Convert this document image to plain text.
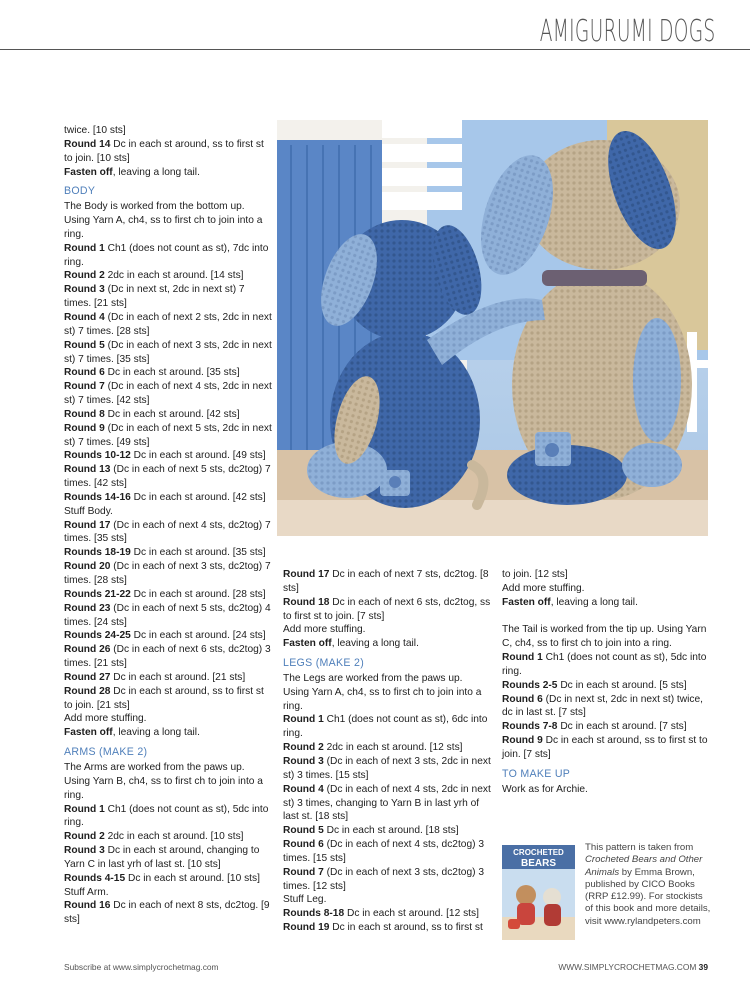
AMIGURUMI DOGS

twice. [10 sts]

Round 14 Dc in each st around, ss to first st to join. [10 sts]

Fasten off, leaving a long tail.

BODY

The Body is worked from the bottom up. Using Yarn A, ch4, ss to first ch to join into a ring.

Round 1 Ch1 (does not count as st), 7dc into ring.

Round 2 2dc in each st around. [14 sts]

Round 3 (Dc in next st, 2dc in next st) 7 times. [21 sts]

Round 4 (Dc in each of next 2 sts, 2dc in next st) 7 times. [28 sts]

Round 5 (Dc in each of next 3 sts, 2dc in next st) 7 times. [35 sts]

Round 6 Dc in each st around. [35 sts]

Round 7 (Dc in each of next 4 sts, 2dc in next st) 7 times. [42 sts]

Round 8 Dc in each st around. [42 sts]

Round 9 (Dc in each of next 5 sts, 2dc in next st) 7 times. [49 sts]

Rounds 10-12 Dc in each st around. [49 sts]

Round 13 (Dc in each of next 5 sts, dc2tog) 7 times. [42 sts]

Rounds 14-16 Dc in each st around. [42 sts]

Stuff Body.

Round 17 (Dc in each of next 4 sts, dc2tog) 7 times. [35 sts]

Rounds 18-19 Dc in each st around. [35 sts]

Round 20 (Dc in each of next 3 sts, dc2tog) 7 times. [28 sts]

Rounds 21-22 Dc in each st around. [28 sts]

Round 23 (Dc in each of next 5 sts, dc2tog) 4 times. [24 sts]

Rounds 24-25 Dc in each st around. [24 sts]

Round 26 (Dc in each of next 6 sts, dc2tog) 3 times. [21 sts]

Round 27 Dc in each st around. [21 sts]

Round 28 Dc in each st around, ss to first st to join. [21 sts]

Add more stuffing.

Fasten off, leaving a long tail.

ARMS (MAKE 2)

The Arms are worked from the paws up. Using Yarn B, ch4, ss to first ch to join into a ring.

Round 1 Ch1 (does not count as st), 5dc into ring.

Round 2 2dc in each st around. [10 sts]

Round 3 Dc in each st around, changing to Yarn C in last yrh of last st. [10 sts]

Rounds 4-15 Dc in each st around. [10 sts]

Stuff Arm.

Round 16 Dc in each of next 8 sts, dc2tog. [9 sts]

Round 17 Dc in each of next 7 sts, dc2tog. [8 sts]

Round 18 Dc in each of next 6 sts, dc2tog, ss to first st to join. [7 sts]

Add more stuffing.

Fasten off, leaving a long tail.

LEGS (MAKE 2)

The Legs are worked from the paws up. Using Yarn A, ch4, ss to first ch to join into a ring.

Round 1 Ch1 (does not count as st), 6dc into ring.

Round 2 2dc in each st around. [12 sts]

Round 3 (Dc in each of next 3 sts, 2dc in next st) 3 times. [15 sts]

Round 4 (Dc in each of next 4 sts, 2dc in next st) 3 times, changing to Yarn B in last yrh of last st. [18 sts]

Round 5 Dc in each st around. [18 sts]

Round 6 (Dc in each of next 4 sts, dc2tog) 3 times. [15 sts]

Round 7 (Dc in each of next 3 sts, dc2tog) 3 times. [12 sts]

Stuff Leg.

Rounds 8-18 Dc in each st around. [12 sts]

Round 19 Dc in each st around, ss to first st

to join. [12 sts]

Add more stuffing.

Fasten off, leaving a long tail.

The Tail is worked from the tip up. Using Yarn C, ch4, ss to first ch to join into a ring.

Round 1 Ch1 (does not count as st), 5dc into ring.

Rounds 2-5 Dc in each st around. [5 sts]

Round 6 (Dc in next st, 2dc in next st) twice, dc in last st. [7 sts]

Rounds 7-8 Dc in each st around. [7 sts]

Round 9 Dc in each st around, ss to first st to join. [7 sts]

TO MAKE UP

Work as for Archie.

CROCHETED
BEARS
This pattern is taken from Crocheted Bears and Other Animals by Emma Brown, published by CICO Books (RRP £12.99). For stockists of this book and more details, visit www.rylandpeters.com
Subscribe at www.simplycrochetmag.com	WWW.SIMPLYCROCHETMAG.COM 39
